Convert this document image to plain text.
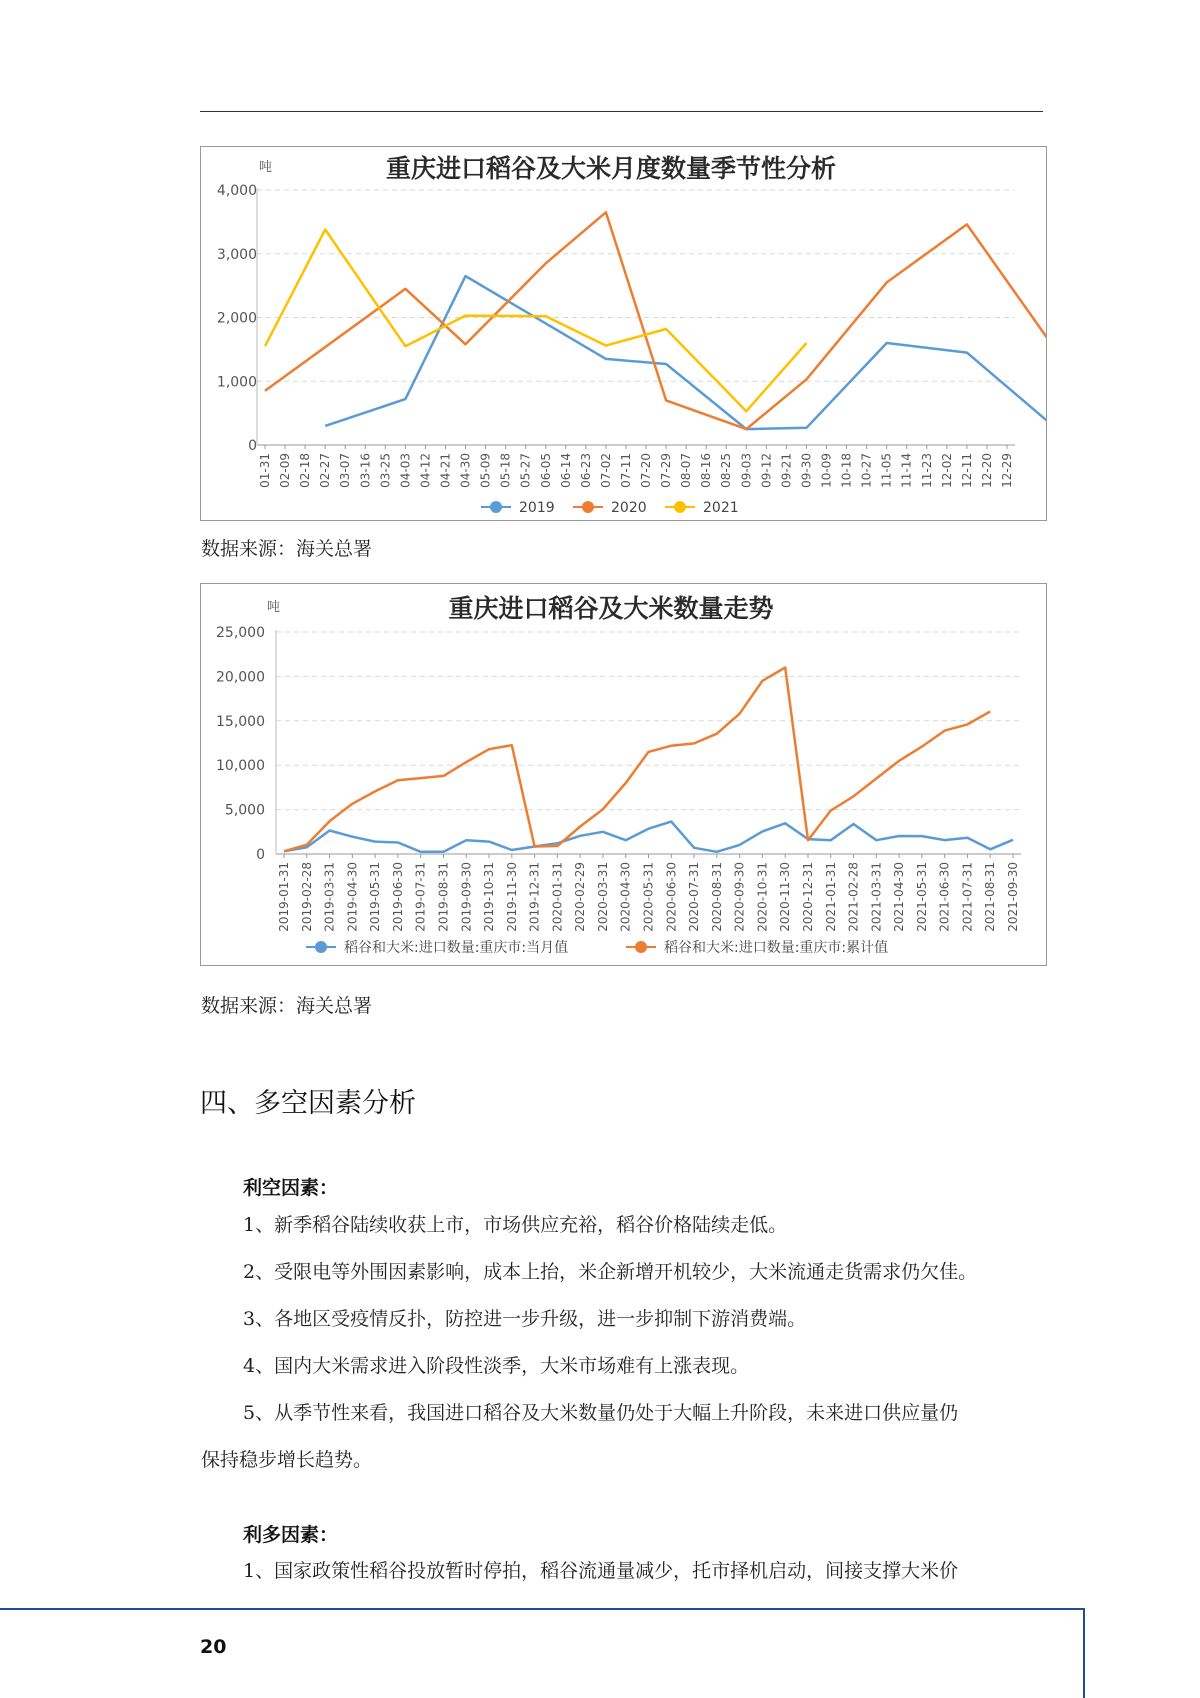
重庆进口稻谷及大米月度数量季节性分析
吨
0
1,000
2,000
3,000
4,000
01-31 02-09 02-18 02-27 03-07 03-16 03-25 04-03 04-12 04-21 04-30 05-09 05-18 05-27 06-05 06-14 06-23 07-02 07-11 07-20 07-29 08-07 08-16 08-25 09-03 09-12 09-21 09-30 10-09 10-18 10-27 11-05 11-14 11-23 12-02 12-11 12-20 12-29
2019	2020	2021
数据来源：海关总署
重庆进口稻谷及大米数量走势
吨
0
5,000
10,000
15,000
20,000
25,000
2019-01-31 2019-02-28 2019-03-31 2019-04-30 2019-05-31 2019-06-30 2019-07-31 2019-08-31 2019-09-30 2019-10-31 2019-11-30 2019-12-31 2020-01-31 2020-02-29 2020-03-31 2020-04-30 2020-05-31 2020-06-30 2020-07-31 2020-08-31 2020-09-30 2020-10-31 2020-11-30 2020-12-31 2021-01-31 2021-02-28 2021-03-31 2021-04-30 2021-05-31 2021-06-30 2021-07-31 2021-08-31 2021-09-30
稻谷和大米:进口数量:重庆市:当月值	稻谷和大米:进口数量:重庆市:累计值
数据来源：海关总署
四、多空因素分析
利空因素：
1、新季稻谷陆续收获上市，市场供应充裕，稻谷价格陆续走低。
2、受限电等外围因素影响，成本上抬，米企新增开机较少，大米流通走货需求仍欠佳。
3、各地区受疫情反扑，防控进一步升级，进一步抑制下游消费端。
4、国内大米需求进入阶段性淡季，大米市场难有上涨表现。
5、从季节性来看，我国进口稻谷及大米数量仍处于大幅上升阶段，未来进口供应量仍
保持稳步增长趋势。
利多因素：
1、国家政策性稻谷投放暂时停拍，稻谷流通量减少，托市择机启动，间接支撑大米价
20
